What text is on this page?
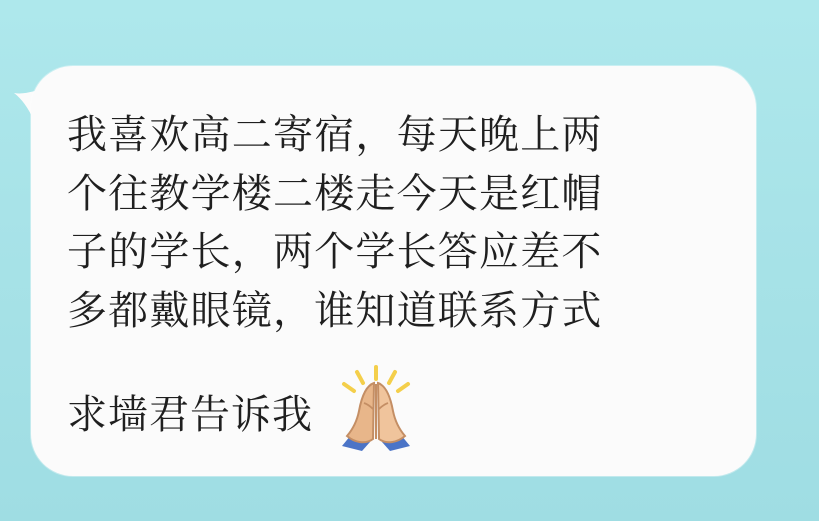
我喜欢高二寄宿，每天晚上两
个往教学楼二楼走今天是红帽
子的学长，两个学长答应差不
多都戴眼镜，谁知道联系方式

求墙君告诉我
